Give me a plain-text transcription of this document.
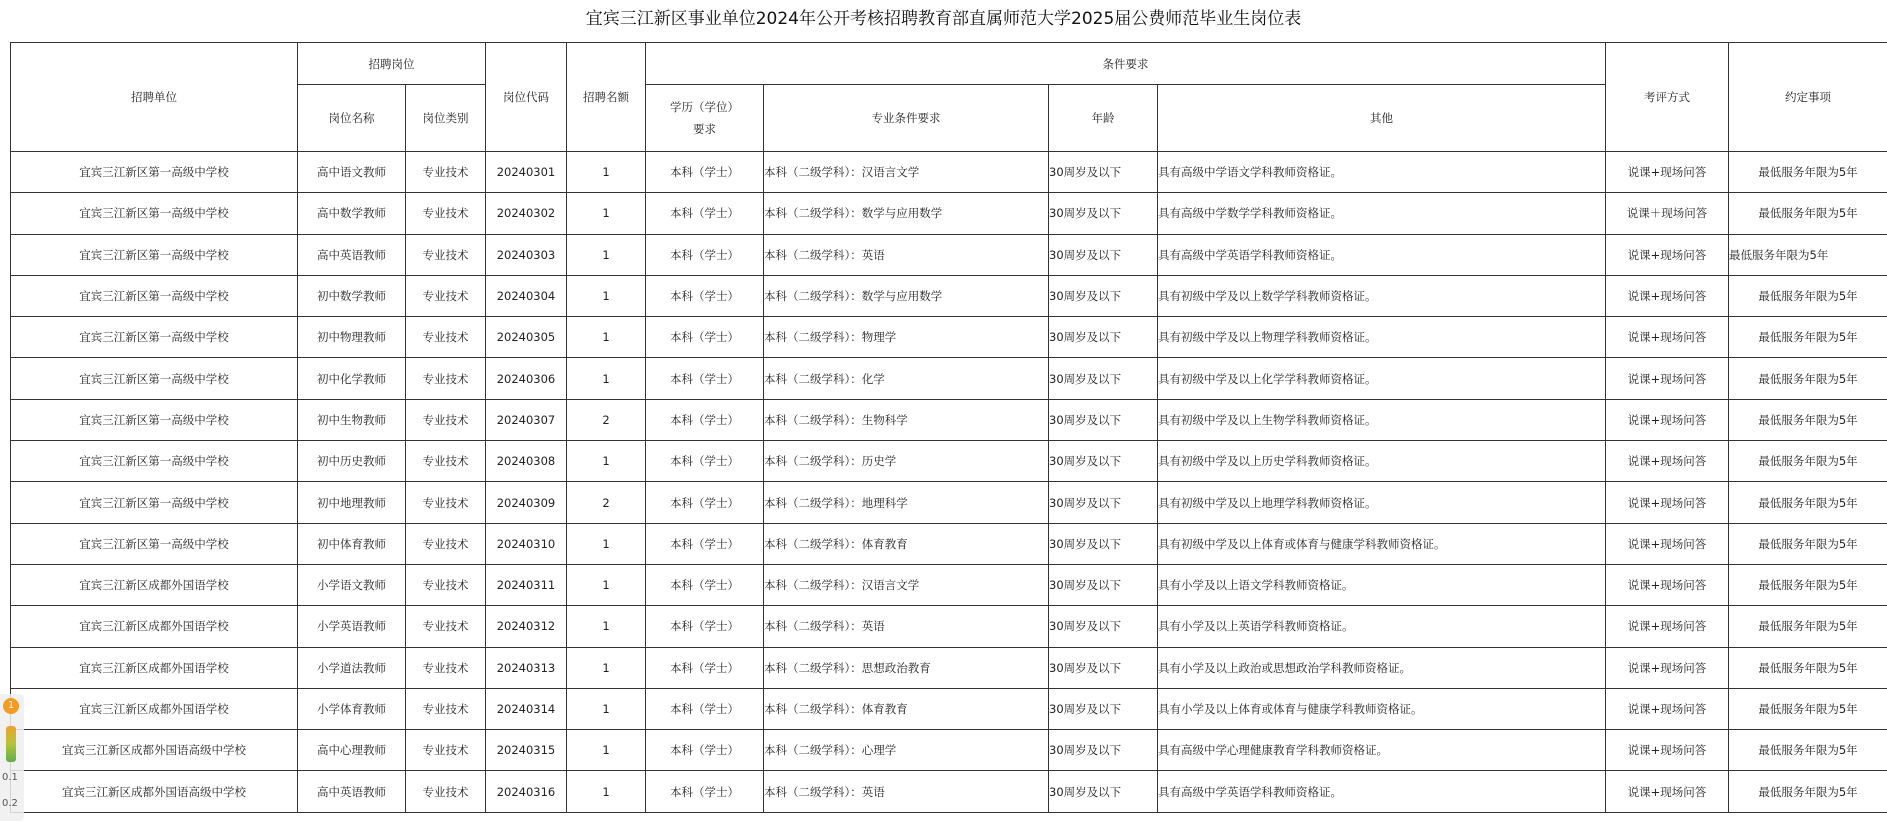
宜宾三江新区事业单位2024年公开考核招聘教育部直属师范大学2025届公费师范毕业生岗位表
招聘单位	招聘岗位		岗位代码	招聘名额	条件要求				考评方式	约定事项
	岗位名称	岗位类别			学历（学位）
要求	专业条件要求	年龄	其他		
宜宾三江新区第一高级中学校	高中语文教师	专业技术	20240301	1	本科（学士）	本科（二级学科）：汉语言文学	30周岁及以下	具有高级中学语文学科教师资格证。	说课+现场问答	最低服务年限为5年
宜宾三江新区第一高级中学校	高中数学教师	专业技术	20240302	1	本科（学士）	本科（二级学科）：数学与应用数学	30周岁及以下	具有高级中学数学学科教师资格证。	说课＋现场问答	最低服务年限为5年
宜宾三江新区第一高级中学校	高中英语教师	专业技术	20240303	1	本科（学士）	本科（二级学科）：英语	30周岁及以下	具有高级中学英语学科教师资格证。	说课+现场问答	最低服务年限为5年
宜宾三江新区第一高级中学校	初中数学教师	专业技术	20240304	1	本科（学士）	本科（二级学科）：数学与应用数学	30周岁及以下	具有初级中学及以上数学学科教师资格证。	说课+现场问答	最低服务年限为5年
宜宾三江新区第一高级中学校	初中物理教师	专业技术	20240305	1	本科（学士）	本科（二级学科）：物理学	30周岁及以下	具有初级中学及以上物理学科教师资格证。	说课+现场问答	最低服务年限为5年
宜宾三江新区第一高级中学校	初中化学教师	专业技术	20240306	1	本科（学士）	本科（二级学科）：化学	30周岁及以下	具有初级中学及以上化学学科教师资格证。	说课+现场问答	最低服务年限为5年
宜宾三江新区第一高级中学校	初中生物教师	专业技术	20240307	2	本科（学士）	本科（二级学科）：生物科学	30周岁及以下	具有初级中学及以上生物学科教师资格证。	说课+现场问答	最低服务年限为5年
宜宾三江新区第一高级中学校	初中历史教师	专业技术	20240308	1	本科（学士）	本科（二级学科）：历史学	30周岁及以下	具有初级中学及以上历史学科教师资格证。	说课+现场问答	最低服务年限为5年
宜宾三江新区第一高级中学校	初中地理教师	专业技术	20240309	2	本科（学士）	本科（二级学科）：地理科学	30周岁及以下	具有初级中学及以上地理学科教师资格证。	说课+现场问答	最低服务年限为5年
宜宾三江新区第一高级中学校	初中体育教师	专业技术	20240310	1	本科（学士）	本科（二级学科）：体育教育	30周岁及以下	具有初级中学及以上体育或体育与健康学科教师资格证。	说课+现场问答	最低服务年限为5年
宜宾三江新区成都外国语学校	小学语文教师	专业技术	20240311	1	本科（学士）	本科（二级学科）：汉语言文学	30周岁及以下	具有小学及以上语文学科教师资格证。	说课+现场问答	最低服务年限为5年
宜宾三江新区成都外国语学校	小学英语教师	专业技术	20240312	1	本科（学士）	本科（二级学科）：英语	30周岁及以下	具有小学及以上英语学科教师资格证。	说课+现场问答	最低服务年限为5年
宜宾三江新区成都外国语学校	小学道法教师	专业技术	20240313	1	本科（学士）	本科（二级学科）：思想政治教育	30周岁及以下	具有小学及以上政治或思想政治学科教师资格证。	说课+现场问答	最低服务年限为5年
宜宾三江新区成都外国语学校	小学体育教师	专业技术	20240314	1	本科（学士）	本科（二级学科）：体育教育	30周岁及以下	具有小学及以上体育或体育与健康学科教师资格证。	说课+现场问答	最低服务年限为5年
宜宾三江新区成都外国语高级中学校	高中心理教师	专业技术	20240315	1	本科（学士）	本科（二级学科）：心理学	30周岁及以下	具有高级中学心理健康教育学科教师资格证。	说课+现场问答	最低服务年限为5年
宜宾三江新区成都外国语高级中学校	高中英语教师	专业技术	20240316	1	本科（学士）	本科（二级学科）：英语	30周岁及以下	具有高级中学英语学科教师资格证。	说课+现场问答	最低服务年限为5年
1
0.1
0.2
